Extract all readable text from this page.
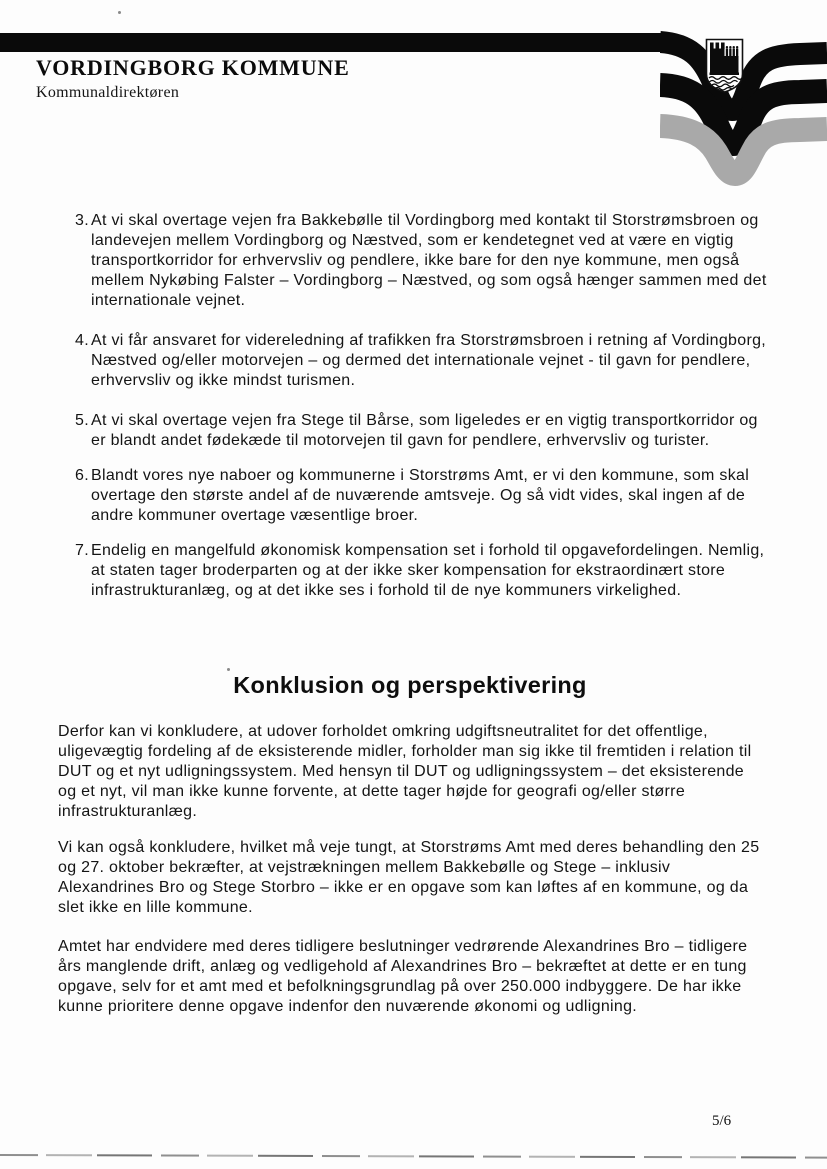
VORDINGBORG KOMMUNE
Kommunaldirektøren
3. At vi skal overtage vejen fra Bakkebølle til Vordingborg med kontakt til Storstrømsbroen og landevejen mellem Vordingborg og Næstved, som er kendetegnet ved at være en vigtig transportkorridor for erhvervsliv og pendlere, ikke bare for den nye kommune, men også mellem Nykøbing Falster – Vordingborg – Næstved, og som også hænger sammen med det internationale vejnet.
4. At vi får ansvaret for videreledning af trafikken fra Storstrømsbroen i retning af Vordingborg, Næstved og/eller motorvejen – og dermed det internationale vejnet - til gavn for pendlere, erhvervsliv og ikke mindst turismen.
5. At vi skal overtage vejen fra Stege til Bårse, som ligeledes er en vigtig transportkorridor og er blandt andet fødekæde til motorvejen til gavn for pendlere, erhvervsliv og turister.
6. Blandt vores nye naboer og kommunerne i Storstrøms Amt, er vi den kommune, som skal overtage den største andel af de nuværende amtsveje. Og så vidt vides, skal ingen af de andre kommuner overtage væsentlige broer.
7. Endelig en mangelfuld økonomisk kompensation set i forhold til opgavefordelingen. Nemlig, at staten tager broderparten og at der ikke sker kompensation for ekstraordinært store infrastrukturanlæg, og at det ikke ses i forhold til de nye kommuners virkelighed.
Konklusion og perspektivering
Derfor kan vi konkludere, at udover forholdet omkring udgiftsneutralitet for det offentlige, uligevægtig fordeling af de eksisterende midler, forholder man sig ikke til fremtiden i relation til DUT og et nyt udligningssystem. Med hensyn til DUT og udligningssystem – det eksisterende og et nyt, vil man ikke kunne forvente, at dette tager højde for geografi og/eller større infrastrukturanlæg.
Vi kan også konkludere, hvilket må veje tungt, at Storstrøms Amt med deres behandling den 25 og 27. oktober bekræfter, at vejstrækningen mellem Bakkebølle og Stege – inklusiv Alexandrines Bro og Stege Storbro – ikke er en opgave som kan løftes af en kommune, og da slet ikke en lille kommune.
Amtet har endvidere med deres tidligere beslutninger vedrørende Alexandrines Bro – tidligere års manglende drift, anlæg og vedligehold af Alexandrines Bro – bekræftet at dette er en tung opgave, selv for et amt med et befolkningsgrundlag på over 250.000 indbyggere. De har ikke kunne prioritere denne opgave indenfor den nuværende økonomi og udligning.
5/6
